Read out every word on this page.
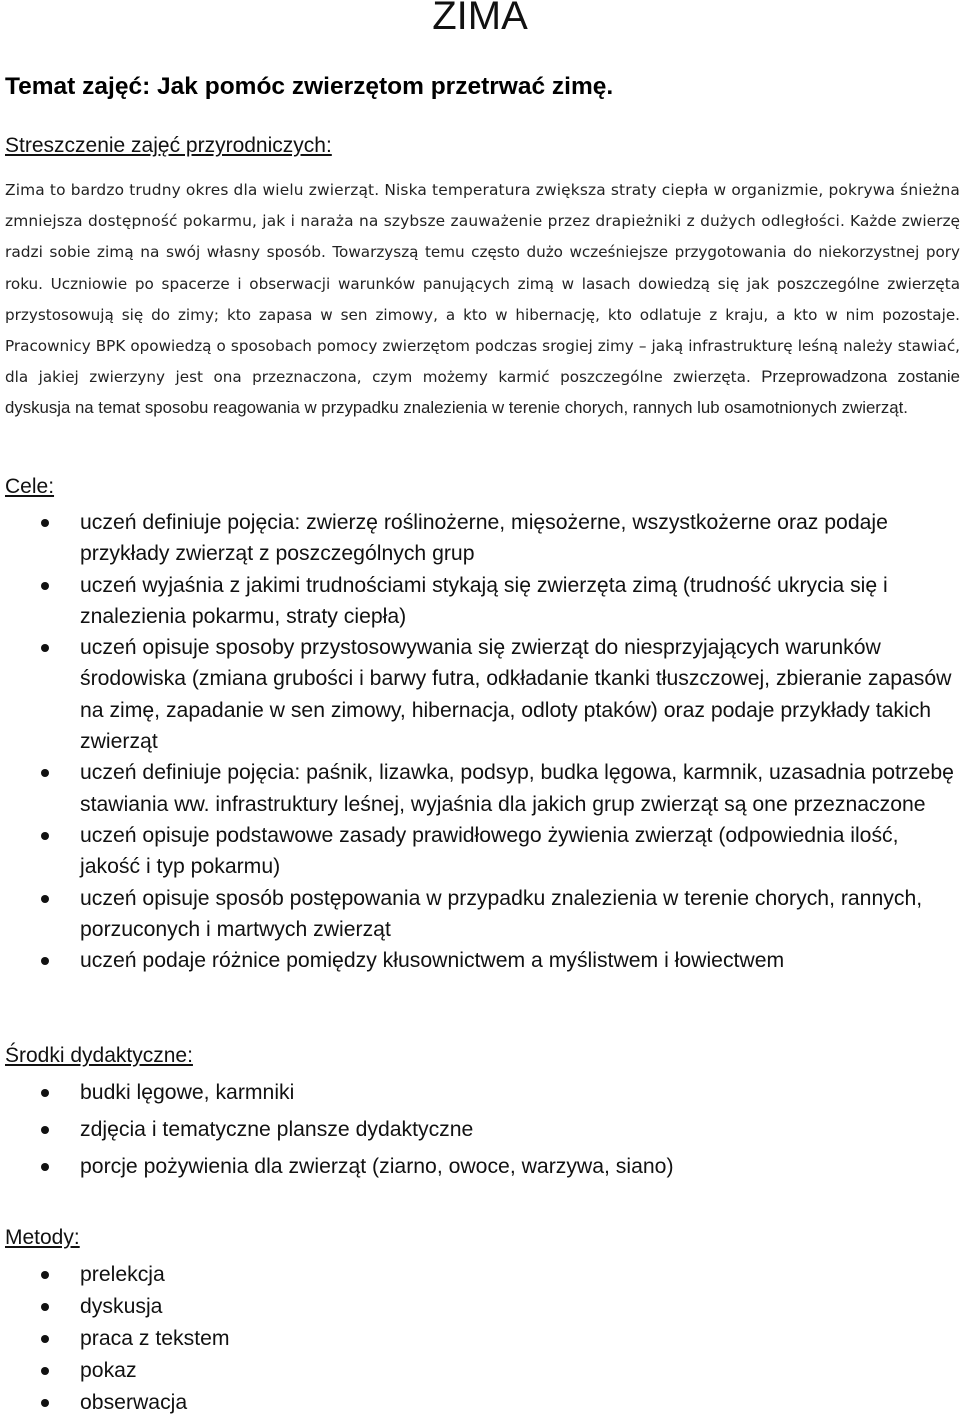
ZIMA
Temat zajęć: Jak pomóc zwierzętom przetrwać zimę.
Streszczenie zajęć przyrodniczych:

Zima to bardzo trudny okres dla wielu zwierząt. Niska temperatura zwiększa straty ciepła w organizmie, pokrywa śnieżna zmniejsza dostępność pokarmu, jak i naraża na szybsze zauważenie przez drapieżniki z dużych odległości. Każde zwierzę radzi sobie zimą na swój własny sposób. Towarzyszą temu często dużo wcześniejsze przygotowania do niekorzystnej pory roku. Uczniowie po spacerze i obserwacji warunków panujących zimą w lasach dowiedzą się jak poszczególne zwierzęta przystosowują się do zimy; kto zapasa w sen zimowy, a kto w hibernację, kto odlatuje z kraju, a kto w nim pozostaje. Pracownicy BPK opowiedzą o sposobach pomocy zwierzętom podczas srogiej zimy – jaką infrastrukturę leśną należy stawiać, dla jakiej zwierzyny jest ona przeznaczona, czym możemy karmić poszczególne zwierzęta. Przeprowadzona zostanie dyskusja na temat sposobu reagowania w przypadku znalezienia w terenie chorych, rannych lub osamotnionych zwierząt.

Cele:
uczeń definiuje pojęcia: zwierzę roślinożerne, mięsożerne, wszystkożerne oraz podaje przykłady zwierząt z poszczególnych grup
uczeń wyjaśnia z jakimi trudnościami stykają się zwierzęta zimą (trudność ukrycia się i znalezienia pokarmu, straty ciepła)
uczeń opisuje sposoby przystosowywania się zwierząt do niesprzyjających warunków środowiska (zmiana grubości i barwy futra, odkładanie tkanki tłuszczowej, zbieranie zapasów na zimę, zapadanie w sen zimowy, hibernacja, odloty ptaków) oraz podaje przykłady takich zwierząt
uczeń definiuje pojęcia: paśnik, lizawka, podsyp, budka lęgowa, karmnik, uzasadnia potrzebę stawiania ww. infrastruktury leśnej, wyjaśnia dla jakich grup zwierząt są one przeznaczone
uczeń opisuje podstawowe zasady prawidłowego żywienia zwierząt (odpowiednia ilość, jakość i typ pokarmu)
uczeń opisuje sposób postępowania w przypadku znalezienia w terenie chorych, rannych, porzuconych i martwych zwierząt
uczeń podaje różnice pomiędzy kłusownictwem a myślistwem i łowiectwem
Środki dydaktyczne:
budki lęgowe, karmniki
zdjęcia i tematyczne plansze dydaktyczne
porcje pożywienia dla zwierząt (ziarno, owoce, warzywa, siano)
Metody:
prelekcja
dyskusja
praca z tekstem
pokaz
obserwacja
